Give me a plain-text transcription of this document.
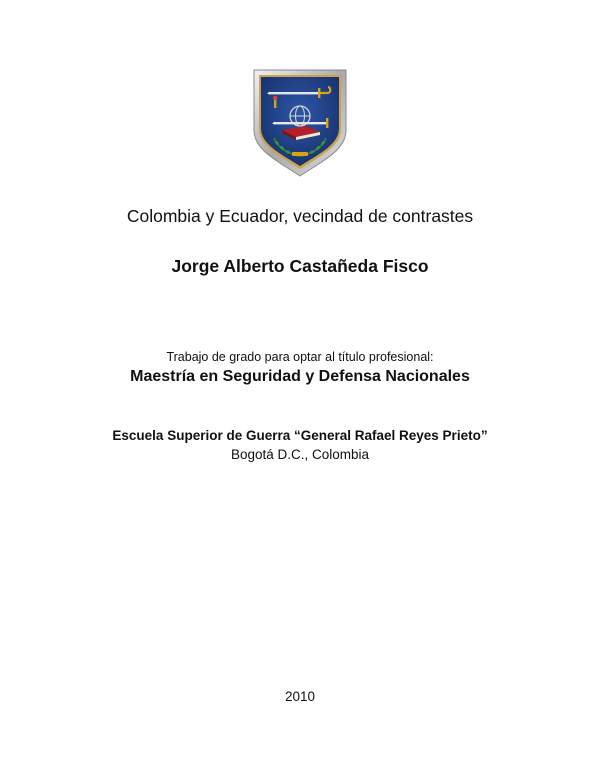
Colombia y Ecuador, vecindad de contrastes
Jorge Alberto Castañeda Fisco
Trabajo de grado para optar al título profesional:
Maestría en Seguridad y Defensa Nacionales
Escuela Superior de Guerra “General Rafael Reyes Prieto”
Bogotá D.C., Colombia
2010
